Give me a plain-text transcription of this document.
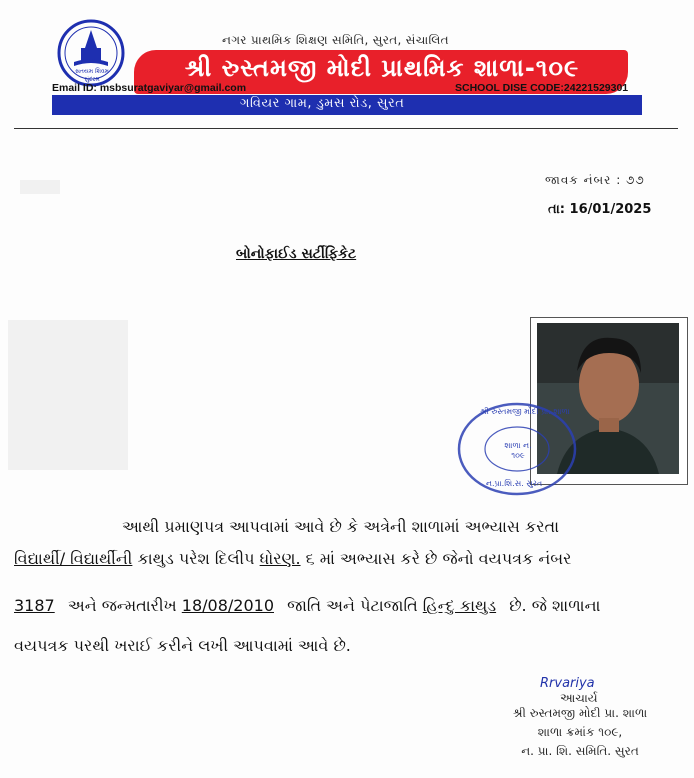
સતયમ શિવમ સુંદરમ
નગર પ્રાથમિક શિક્ષણ સમિતિ, સુરત, સંચાલિત
શ્રી રુસ્તમજી મોદી પ્રાથમિક શાળા-૧૦૯
Email ID: msbsuratgaviyar@gmail.com	SCHOOL DISE CODE:24221529301
ગવિયર ગામ, ડુમસ રોડ, સુરત
જાવક નંબર : ૭૭
તા: 16/01/2025
બોનોફાઈડ સર્ટીફિકેટ
શ્રી રુસ્તમજી મોદી પ્રા. શાળા
શાળા ન. ૧૦૯
ન.પ્રા.શિ.સ. સુરત
આથી પ્રમાણપત્ર આપવામાં આવે છે કે અત્રેની શાળામાં અભ્યાસ કરતા
વિદ્યાર્થી/ વિદ્યાર્થીની કાથુડ પરેશ દિલીપ ધોરણ. ૬ માં અભ્યાસ કરે છે જેનો વયપત્રક નંબર
3187 અને જન્મતારીખ 18/08/2010 જાતિ અને પેટાજાતિ હિન્દુ કાથુડ છે. જે શાળાના
વયપત્રક પરથી ખરાઈ કરીને લખી આપવામાં આવે છે.
Rrvariya
આચાર્ય
શ્રી રુસ્તમજી મોદી પ્રા. શાળા
શાળા ક્રમાંક ૧૦૯,
ન. પ્રા. શિ. સમિતિ. સુરત
